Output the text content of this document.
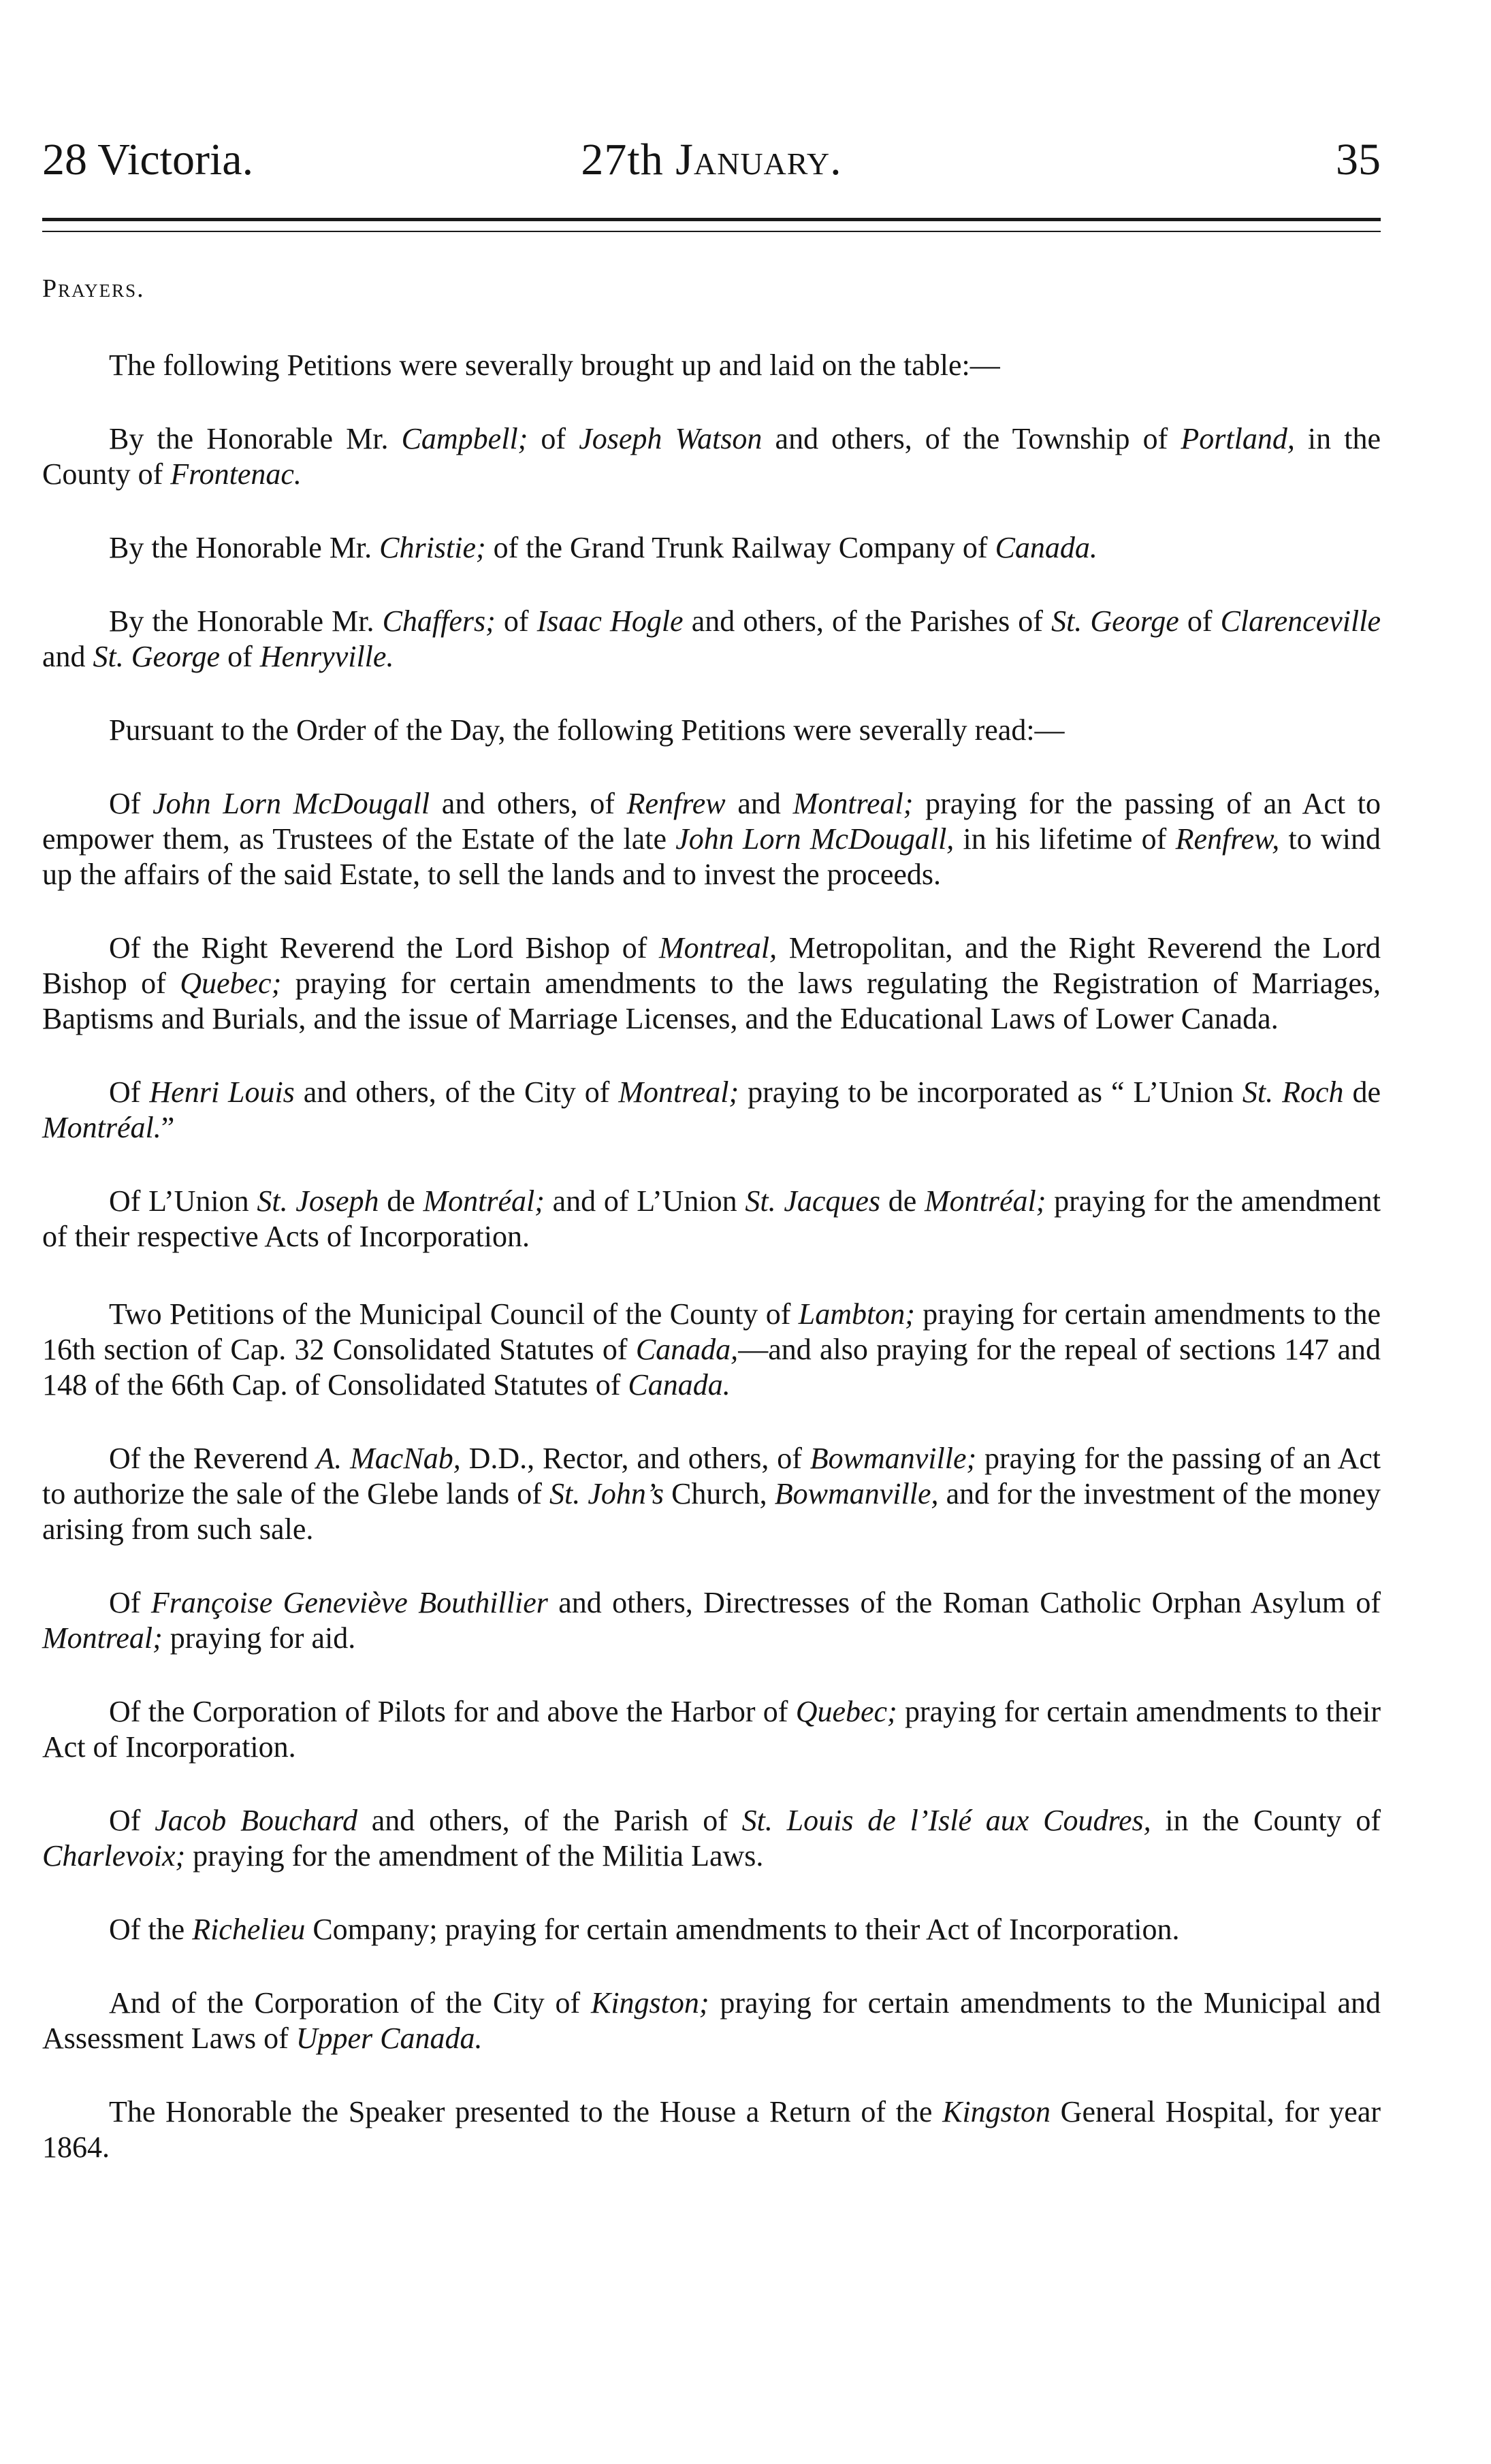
28 Victoria.	27th January.	35
Prayers.

The following Petitions were severally brought up and laid on the table:—

By the Honorable Mr. Campbell; of Joseph Watson and others, of the Township of Portland, in the County of Frontenac.

By the Honorable Mr. Christie; of the Grand Trunk Railway Company of Canada.

By the Honorable Mr. Chaffers; of Isaac Hogle and others, of the Parishes of St. George of Clarenceville and St. George of Henryville.

Pursuant to the Order of the Day, the following Petitions were severally read:—

Of John Lorn McDougall and others, of Renfrew and Montreal; praying for the passing of an Act to empower them, as Trustees of the Estate of the late John Lorn McDougall, in his lifetime of Renfrew, to wind up the affairs of the said Estate, to sell the lands and to invest the proceeds.

Of the Right Reverend the Lord Bishop of Montreal, Metropolitan, and the Right Reverend the Lord Bishop of Quebec; praying for certain amendments to the laws regulating the Registration of Marriages, Baptisms and Burials, and the issue of Marriage Licenses, and the Educational Laws of Lower Canada.

Of Henri Louis and others, of the City of Montreal; praying to be incorporated as “ L’Union St. Roch de Montréal.”

Of L’Union St. Joseph de Montréal; and of L’Union St. Jacques de Montréal; praying for the amendment of their respective Acts of Incorporation.

Two Petitions of the Municipal Council of the County of Lambton; praying for certain amendments to the 16th section of Cap. 32 Consolidated Statutes of Canada,—and also praying for the repeal of sections 147 and 148 of the 66th Cap. of Consolidated Statutes of Canada.

Of the Reverend A. MacNab, D.D., Rector, and others, of Bowmanville; praying for the passing of an Act to authorize the sale of the Glebe lands of St. John’s Church, Bowmanville, and for the investment of the money arising from such sale.

Of Françoise Geneviève Bouthillier and others, Directresses of the Roman Catholic Orphan Asylum of Montreal; praying for aid.

Of the Corporation of Pilots for and above the Harbor of Quebec; praying for certain amendments to their Act of Incorporation.

Of Jacob Bouchard and others, of the Parish of St. Louis de l’Islé aux Coudres, in the County of Charlevoix; praying for the amendment of the Militia Laws.

Of the Richelieu Company; praying for certain amendments to their Act of Incorporation.

And of the Corporation of the City of Kingston; praying for certain amendments to the Municipal and Assessment Laws of Upper Canada.

The Honorable the Speaker presented to the House a Return of the Kingston General Hospital, for year 1864.
